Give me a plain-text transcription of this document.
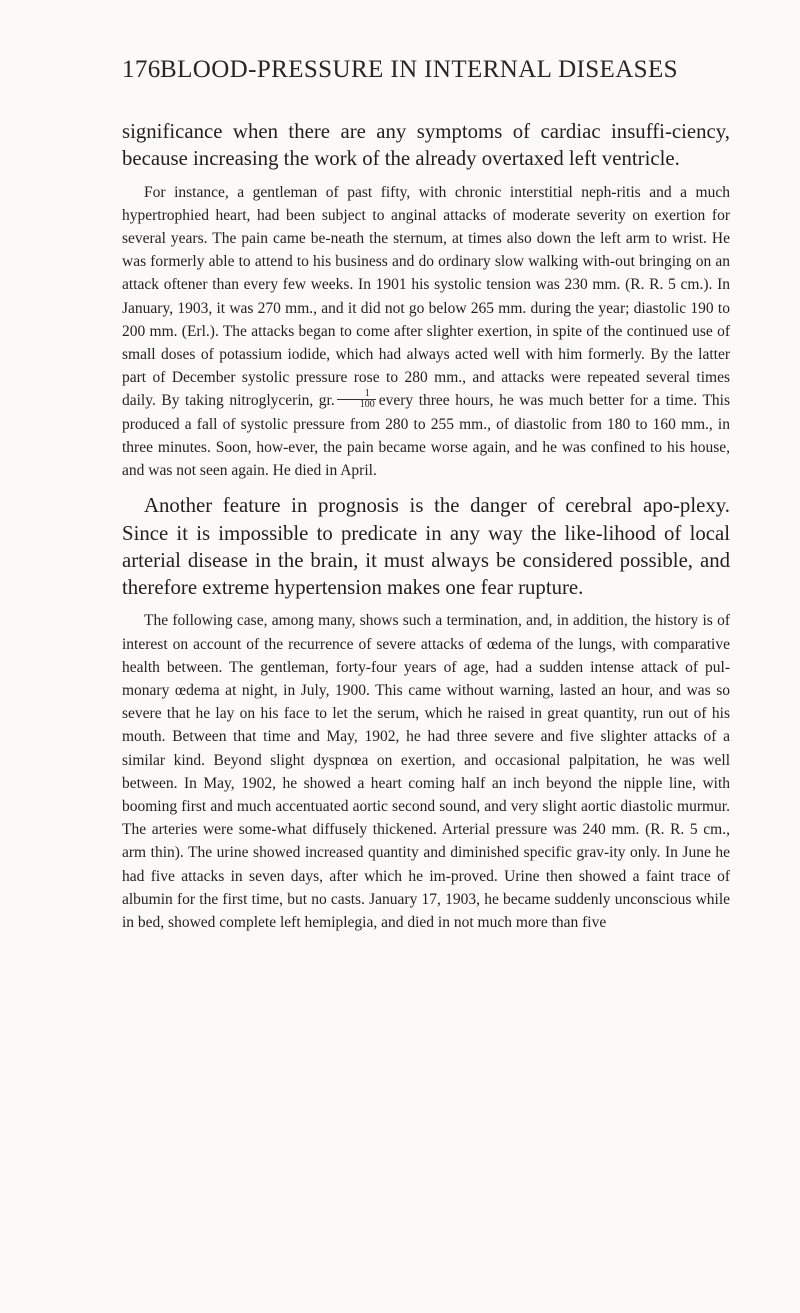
176 BLOOD-PRESSURE IN INTERNAL DISEASES

significance when there are any symptoms of cardiac insuffi-ciency, because increasing the work of the already overtaxed left ventricle.

For instance, a gentleman of past fifty, with chronic interstitial neph-ritis and a much hypertrophied heart, had been subject to anginal attacks of moderate severity on exertion for several years. The pain came be-neath the sternum, at times also down the left arm to wrist. He was formerly able to attend to his business and do ordinary slow walking with-out bringing on an attack oftener than every few weeks. In 1901 his systolic tension was 230 mm. (R. R. 5 cm.). In January, 1903, it was 270 mm., and it did not go below 265 mm. during the year; diastolic 190 to 200 mm. (Erl.). The attacks began to come after slighter exertion, in spite of the continued use of small doses of potassium iodide, which had always acted well with him formerly. By the latter part of December systolic pressure rose to 280 mm., and attacks were repeated several times daily. By taking nitroglycerin, gr. $\frac{1}{100}$ every three hours, he was much better for a time. This produced a fall of systolic pressure from 280 to 255 mm., of diastolic from 180 to 160 mm., in three minutes. Soon, how-ever, the pain became worse again, and he was confined to his house, and was not seen again. He died in April.

Another feature in prognosis is the danger of cerebral apo-plexy. Since it is impossible to predicate in any way the like-lihood of local arterial disease in the brain, it must always be considered possible, and therefore extreme hypertension makes one fear rupture.

The following case, among many, shows such a termination, and, in addition, the history is of interest on account of the recurrence of severe attacks of œdema of the lungs, with comparative health between. The gentleman, forty-four years of age, had a sudden intense attack of pul-monary œdema at night, in July, 1900. This came without warning, lasted an hour, and was so severe that he lay on his face to let the serum, which he raised in great quantity, run out of his mouth. Between that time and May, 1902, he had three severe and five slighter attacks of a similar kind. Beyond slight dyspnœa on exertion, and occasional palpitation, he was well between. In May, 1902, he showed a heart coming half an inch beyond the nipple line, with booming first and much accentuated aortic second sound, and very slight aortic diastolic murmur. The arteries were some-what diffusely thickened. Arterial pressure was 240 mm. (R. R. 5 cm., arm thin). The urine showed increased quantity and diminished specific grav-ity only. In June he had five attacks in seven days, after which he im-proved. Urine then showed a faint trace of albumin for the first time, but no casts. January 17, 1903, he became suddenly unconscious while in bed, showed complete left hemiplegia, and died in not much more than five
